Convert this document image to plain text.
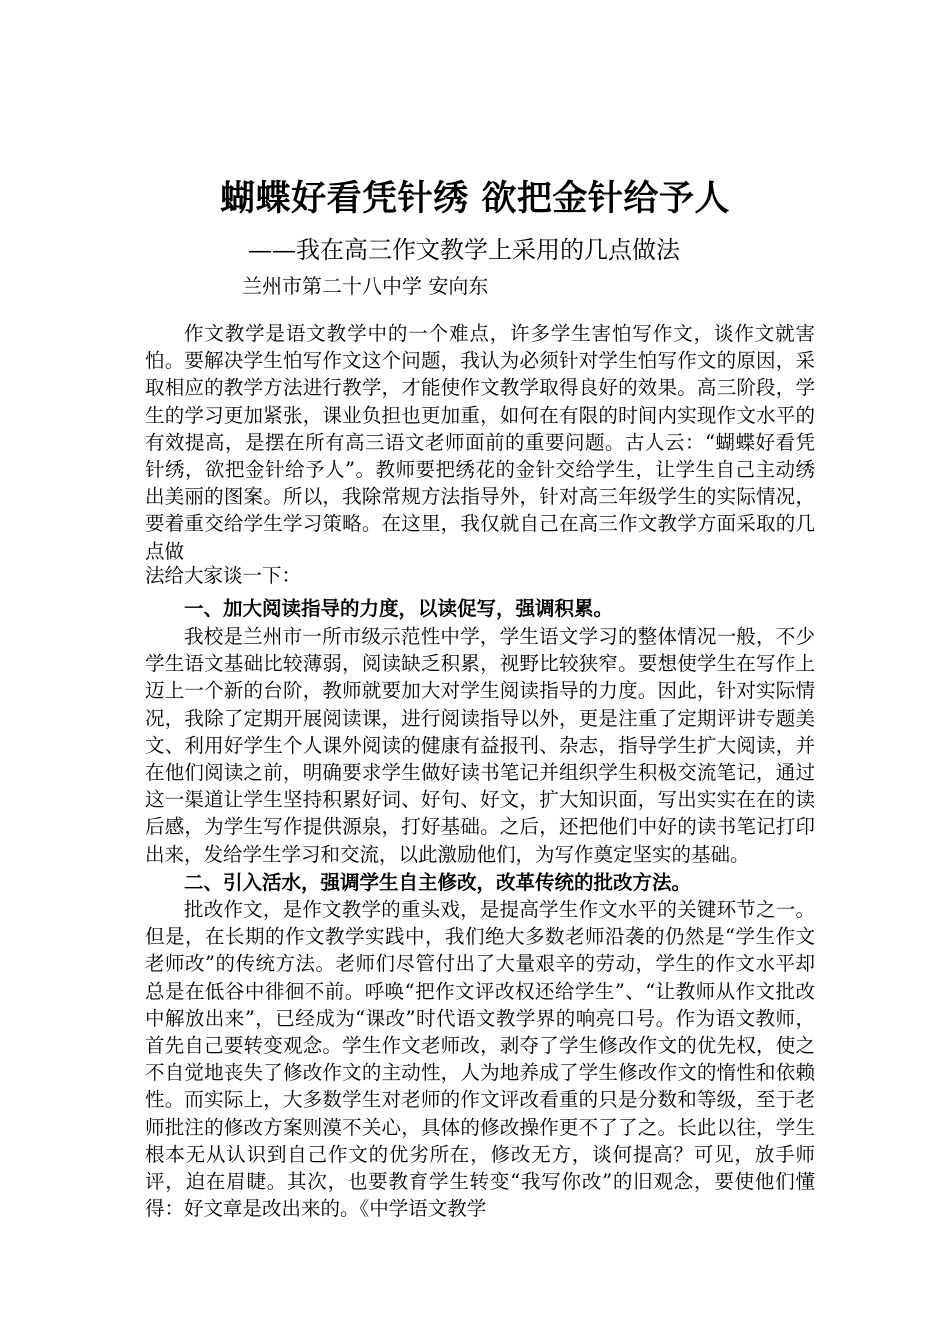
蝴蝶好看凭针绣 欲把金针给予人
——我在高三作文教学上采用的几点做法
兰州市第二十八中学 安向东
作文教学是语文教学中的一个难点，许多学生害怕写作文，谈作文就害怕。要解决学生怕写作文这个问题，我认为必须针对学生怕写作文的原因，采取相应的教学方法进行教学，才能使作文教学取得良好的效果。高三阶段，学生的学习更加紧张，课业负担也更加重，如何在有限的时间内实现作文水平的有效提高，是摆在所有高三语文老师面前的重要问题。古人云：“蝴蝶好看凭针绣，欲把金针给予人”。教师要把绣花的金针交给学生，让学生自己主动绣出美丽的图案。所以，我除常规方法指导外，针对高三年级学生的实际情况，要着重交给学生学习策略。在这里，我仅就自己在高三作文教学方面采取的几点做
法给大家谈一下：
一、加大阅读指导的力度，以读促写，强调积累。
我校是兰州市一所市级示范性中学，学生语文学习的整体情况一般，不少学生语文基础比较薄弱，阅读缺乏积累，视野比较狭窄。要想使学生在写作上迈上一个新的台阶，教师就要加大对学生阅读指导的力度。因此，针对实际情况，我除了定期开展阅读课，进行阅读指导以外，更是注重了定期评讲专题美文、利用好学生个人课外阅读的健康有益报刊、杂志，指导学生扩大阅读，并在他们阅读之前，明确要求学生做好读书笔记并组织学生积极交流笔记，通过这一渠道让学生坚持积累好词、好句、好文，扩大知识面，写出实实在在的读后感，为学生写作提供源泉，打好基础。之后，还把他们中好的读书笔记打印出来，发给学生学习和交流，以此激励他们，为写作奠定坚实的基础。
二、引入活水，强调学生自主修改，改革传统的批改方法。
批改作文，是作文教学的重头戏，是提高学生作文水平的关键环节之一。但是，在长期的作文教学实践中，我们绝大多数老师沿袭的仍然是“学生作文老师改”的传统方法。老师们尽管付出了大量艰辛的劳动，学生的作文水平却总是在低谷中徘徊不前。呼唤“把作文评改权还给学生”、“让教师从作文批改中解放出来”，已经成为“课改”时代语文教学界的响亮口号。作为语文教师，首先自己要转变观念。学生作文老师改，剥夺了学生修改作文的优先权，使之不自觉地丧失了修改作文的主动性，人为地养成了学生修改作文的惰性和依赖性。而实际上，大多数学生对老师的作文评改看重的只是分数和等级，至于老师批注的修改方案则漠不关心，具体的修改操作更不了了之。长此以往，学生根本无从认识到自己作文的优劣所在，修改无方，谈何提高？可见，放手师评，迫在眉睫。其次，也要教育学生转变“我写你改”的旧观念，要使他们懂得：好文章是改出来的。《中学语文教学
